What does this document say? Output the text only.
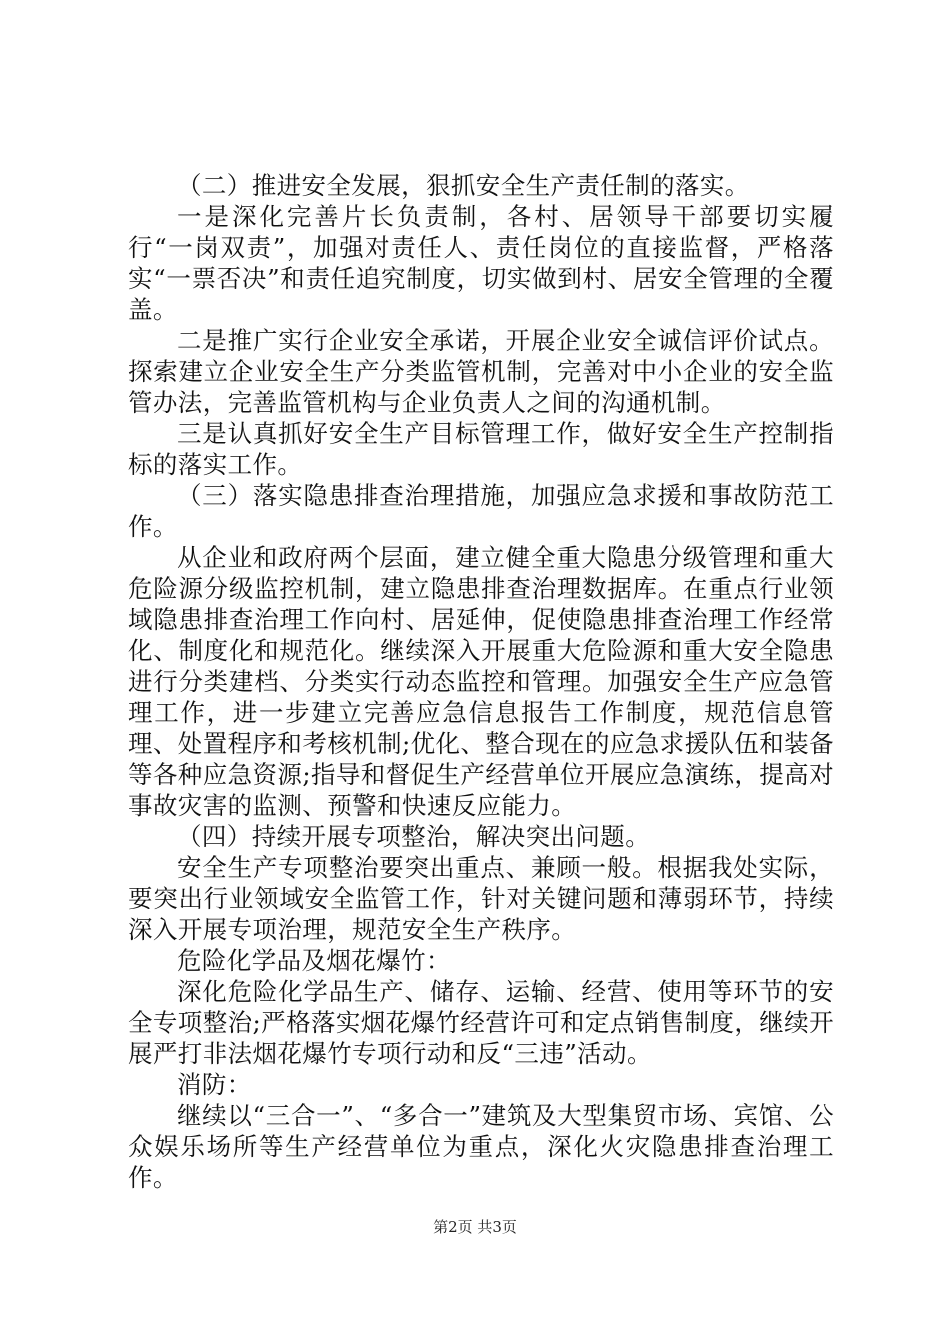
（二）推进安全发展，狠抓安全生产责任制的落实。

一是深化完善片长负责制，各村、居领导干部要切实履行“一岗双责”，加强对责任人、责任岗位的直接监督，严格落实“一票否决”和责任追究制度，切实做到村、居安全管理的全覆盖。

二是推广实行企业安全承诺，开展企业安全诚信评价试点。探索建立企业安全生产分类监管机制，完善对中小企业的安全监管办法，完善监管机构与企业负责人之间的沟通机制。

三是认真抓好安全生产目标管理工作，做好安全生产控制指标的落实工作。

（三）落实隐患排查治理措施，加强应急求援和事故防范工作。

从企业和政府两个层面，建立健全重大隐患分级管理和重大危险源分级监控机制，建立隐患排查治理数据库。在重点行业领域隐患排查治理工作向村、居延伸，促使隐患排查治理工作经常化、制度化和规范化。继续深入开展重大危险源和重大安全隐患进行分类建档、分类实行动态监控和管理。加强安全生产应急管理工作，进一步建立完善应急信息报告工作制度，规范信息管理、处置程序和考核机制;优化、整合现在的应急求援队伍和装备等各种应急资源;指导和督促生产经营单位开展应急演练，提高对事故灾害的监测、预警和快速反应能力。

（四）持续开展专项整治，解决突出问题。

安全生产专项整治要突出重点、兼顾一般。根据我处实际，要突出行业领域安全监管工作，针对关键问题和薄弱环节，持续深入开展专项治理，规范安全生产秩序。

危险化学品及烟花爆竹：

深化危险化学品生产、储存、运输、经营、使用等环节的安全专项整治;严格落实烟花爆竹经营许可和定点销售制度，继续开展严打非法烟花爆竹专项行动和反“三违”活动。

消防：

继续以“三合一”、“多合一”建筑及大型集贸市场、宾馆、公众娱乐场所等生产经营单位为重点，深化火灾隐患排查治理工作。

第2页 共3页
